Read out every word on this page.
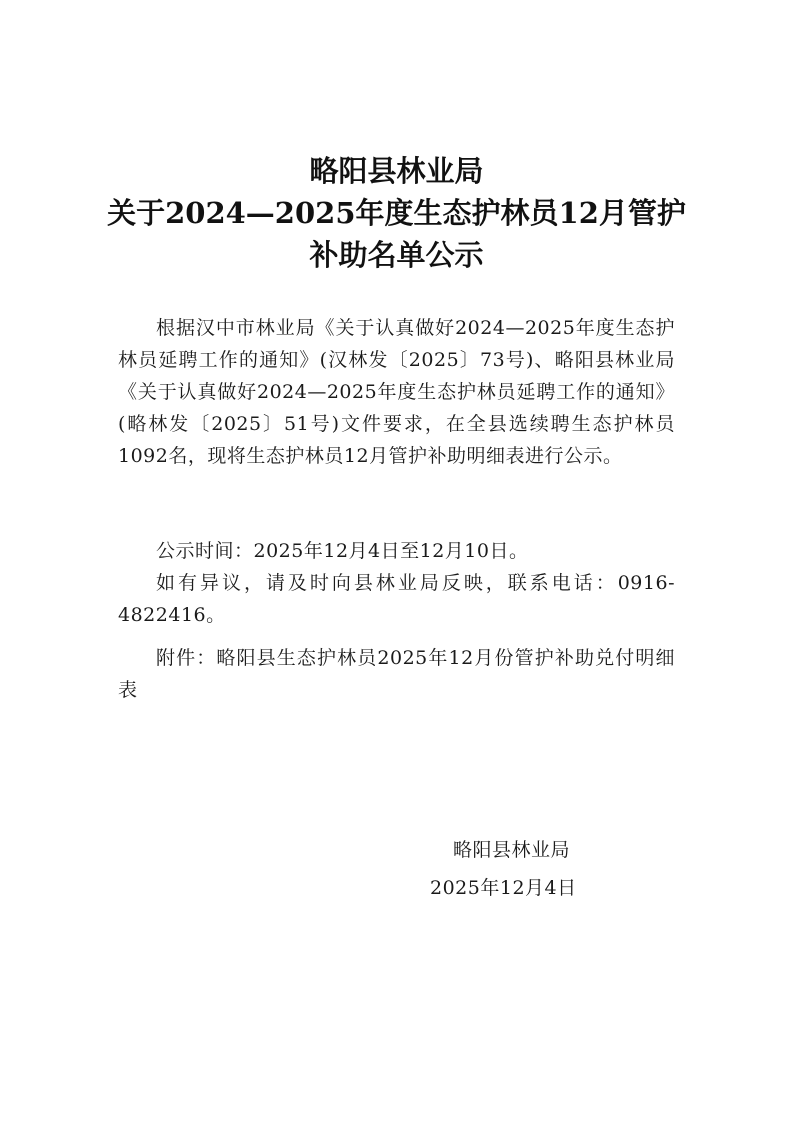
略阳县林业局
关于2024—2025年度生态护林员12月管护
补助名单公示

根据汉中市林业局《关于认真做好2024—2025年度生态护林员延聘工作的通知》(汉林发〔2025〕73号)、略阳县林业局《关于认真做好2024—2025年度生态护林员延聘工作的通知》(略林发〔2025〕51号)文件要求，在全县选续聘生态护林员1092名，现将生态护林员12月管护补助明细表进行公示。

公示时间：2025年12月4日至12月10日。

如有异议，请及时向县林业局反映，联系电话：0916-4822416。

附件：略阳县生态护林员2025年12月份管护补助兑付明细表

略阳县林业局
2025年12月4日
